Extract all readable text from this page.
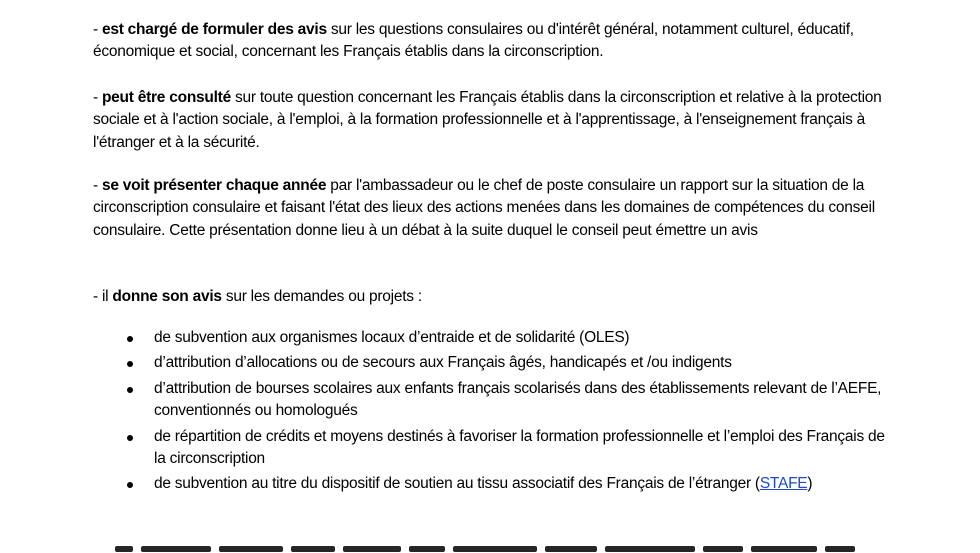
- est chargé de formuler des avis sur les questions consulaires ou d'intérêt général, notamment culturel, éducatif, économique et social, concernant les Français établis dans la circonscription.
- peut être consulté sur toute question concernant les Français établis dans la circonscription et relative à la protection sociale et à l'action sociale, à l'emploi, à la formation professionnelle et à l'apprentissage, à l'enseignement français à l'étranger et à la sécurité.
- se voit présenter chaque année par l'ambassadeur ou le chef de poste consulaire un rapport sur la situation de la circonscription consulaire et faisant l'état des lieux des actions menées dans les domaines de compétences du conseil consulaire. Cette présentation donne lieu à un débat à la suite duquel le conseil peut émettre un avis
- il donne son avis sur les demandes ou projets :
de subvention aux organismes locaux d’entraide et de solidarité (OLES)
d’attribution d’allocations ou de secours aux Français âgés, handicapés et /ou indigents
d’attribution de bourses scolaires aux enfants français scolarisés dans des établissements relevant de l’AEFE, conventionnés ou homologués
de répartition de crédits et moyens destinés à favoriser la formation professionnelle et l’emploi des Français de la circonscription
de subvention au titre du dispositif de soutien au tissu associatif des Français de l’étranger (STAFE)
